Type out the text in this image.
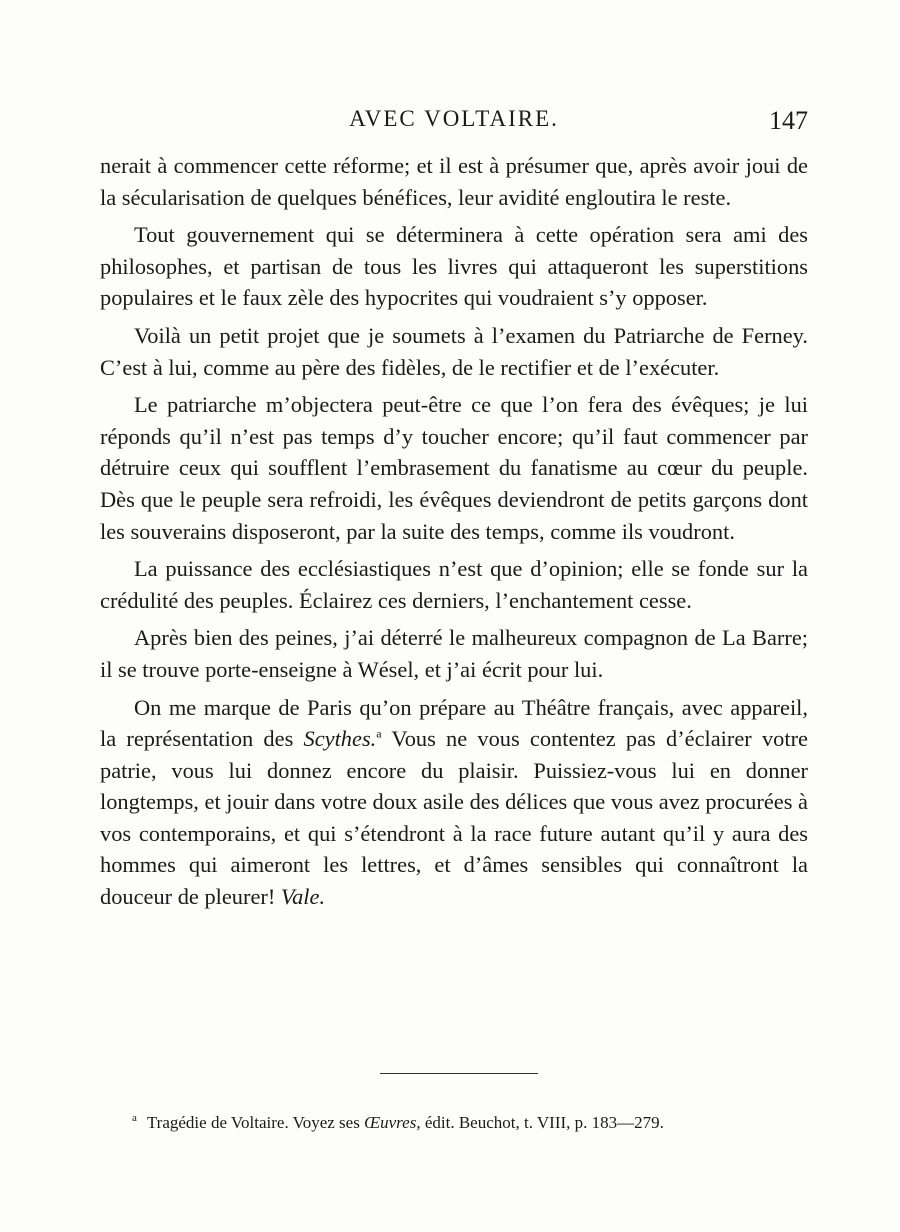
AVEC VOLTAIRE.	147

nerait à commencer cette réforme; et il est à présumer que, après avoir joui de la sécularisation de quelques bénéfices, leur avidité engloutira le reste.

Tout gouvernement qui se déterminera à cette opération sera ami des philosophes, et partisan de tous les livres qui attaqueront les superstitions populaires et le faux zèle des hypocrites qui voudraient s’y opposer.

Voilà un petit projet que je soumets à l’examen du Patriarche de Ferney. C’est à lui, comme au père des fidèles, de le rectifier et de l’exécuter.

Le patriarche m’objectera peut-être ce que l’on fera des évêques; je lui réponds qu’il n’est pas temps d’y toucher encore; qu’il faut commencer par détruire ceux qui soufflent l’embrasement du fanatisme au cœur du peuple. Dès que le peuple sera refroidi, les évêques deviendront de petits garçons dont les souverains disposeront, par la suite des temps, comme ils voudront.

La puissance des ecclésiastiques n’est que d’opinion; elle se fonde sur la crédulité des peuples. Éclairez ces derniers, l’enchantement cesse.

Après bien des peines, j’ai déterré le malheureux compagnon de La Barre; il se trouve porte-enseigne à Wésel, et j’ai écrit pour lui.

On me marque de Paris qu’on prépare au Théâtre français, avec appareil, la représentation des Scythes.$^a$ Vous ne vous contentez pas d’éclairer votre patrie, vous lui donnez encore du plaisir. Puissiez-vous lui en donner longtemps, et jouir dans votre doux asile des délices que vous avez procurées à vos contemporains, et qui s’étendront à la race future autant qu’il y aura des hommes qui aimeront les lettres, et d’âmes sensibles qui connaîtront la douceur de pleurer! Vale.

$^a$ Tragédie de Voltaire. Voyez ses Œuvres, édit. Beuchot, t. VIII, p. 183—279.
